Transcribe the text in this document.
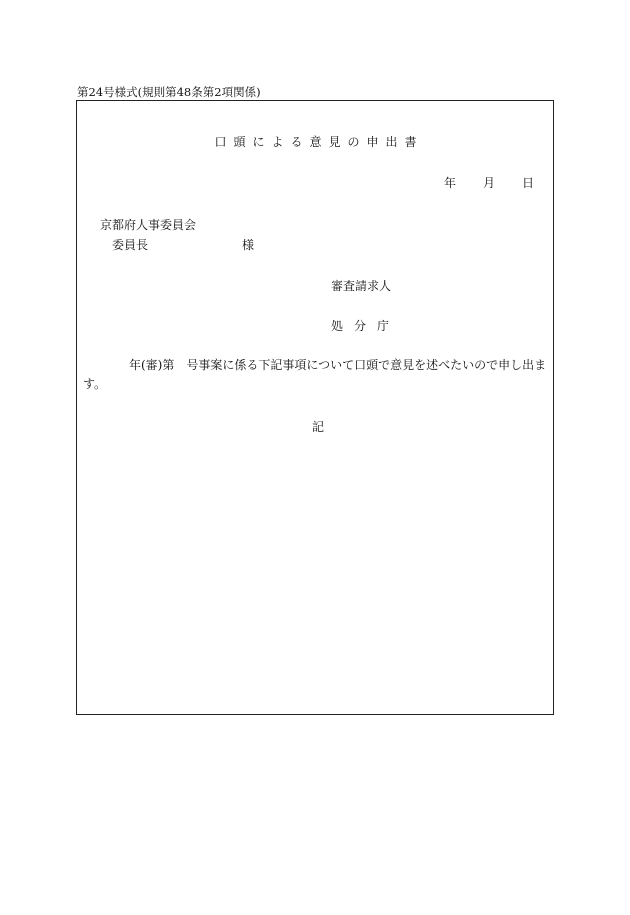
第24号様式(規則第48条第2項関係)
口頭による意見の申出書
年 月 日
京都府人事委員会
委員長	様
審査請求人
処分庁
年(審)第　号事案に係る下記事項について口頭で意見を述べたいので申し出ま
す。
記
